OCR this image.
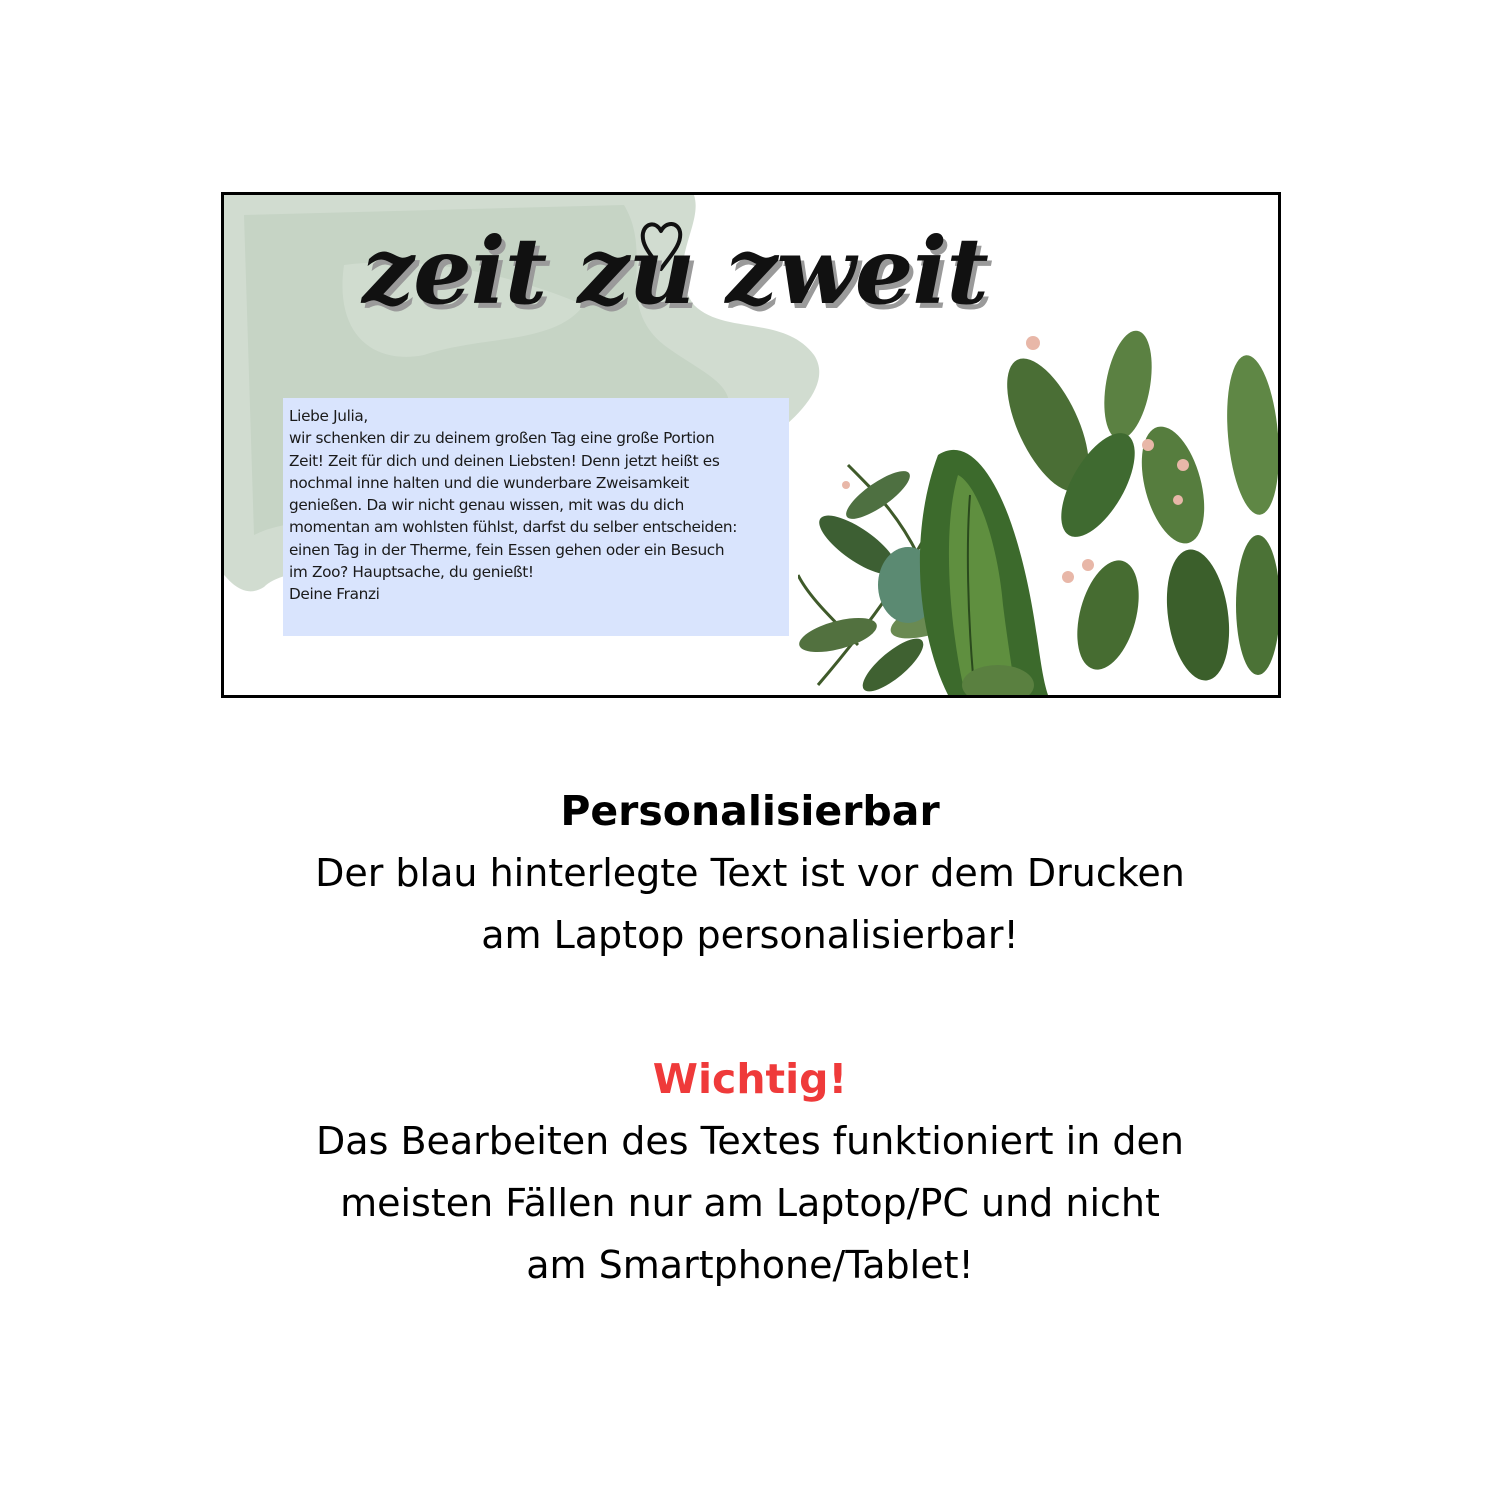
zeit zu zweit
Liebe Julia,
wir schenken dir zu deinem großen Tag eine große Portion
Zeit! Zeit für dich und deinen Liebsten! Denn jetzt heißt es
nochmal inne halten und die wunderbare Zweisamkeit
genießen. Da wir nicht genau wissen, mit was du dich
momentan am wohlsten fühlst, darfst du selber entscheiden:
einen Tag in der Therme, fein Essen gehen oder ein Besuch
im Zoo? Hauptsache, du genießt!
Deine Franzi
Personalisierbar
Der blau hinterlegte Text ist vor dem Drucken
am Laptop personalisierbar!
Wichtig!
Das Bearbeiten des Textes funktioniert in den
meisten Fällen nur am Laptop/PC und nicht
am Smartphone/Tablet!
